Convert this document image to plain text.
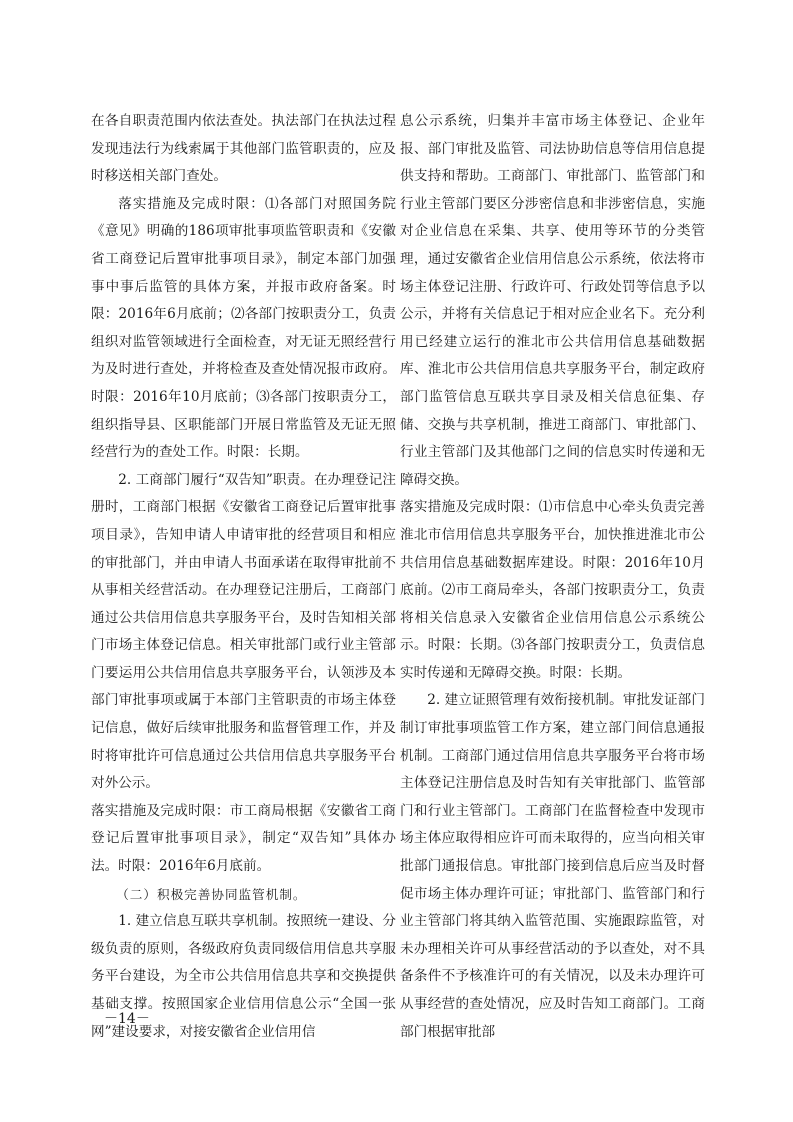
在各自职责范围内依法查处。执法部门在执法过程发现违法行为线索属于其他部门监管职责的，应及时移送相关部门查处。

落实措施及完成时限：⑴各部门对照国务院《意见》明确的186项审批事项监管职责和《安徽省工商登记后置审批事项目录》，制定本部门加强事中事后监管的具体方案，并报市政府备案。时限：2016年6月底前；⑵各部门按职责分工，负责组织对监管领域进行全面检查，对无证无照经营行为及时进行查处，并将检查及查处情况报市政府。时限：2016年10月底前；⑶各部门按职责分工，组织指导县、区职能部门开展日常监管及无证无照经营行为的查处工作。时限：长期。

2. 工商部门履行“双告知”职责。在办理登记注册时，工商部门根据《安徽省工商登记后置审批事项目录》，告知申请人申请审批的经营项目和相应的审批部门，并由申请人书面承诺在取得审批前不从事相关经营活动。在办理登记注册后，工商部门通过公共信用信息共享服务平台，及时告知相关部门市场主体登记信息。相关审批部门或行业主管部门要运用公共信用信息共享服务平台，认领涉及本部门审批事项或属于本部门主管职责的市场主体登记信息，做好后续审批服务和监督管理工作，并及时将审批许可信息通过公共信用信息共享服务平台对外公示。

落实措施及完成时限：市工商局根据《安徽省工商登记后置审批事项目录》，制定“双告知”具体办法。时限：2016年6月底前。

（二）积极完善协同监管机制。

1. 建立信息互联共享机制。按照统一建设、分级负责的原则，各级政府负责同级信用信息共享服务平台建设，为全市公共信用信息共享和交换提供基础支撑。按照国家企业信用信息公示“全国一张网”建设要求，对接安徽省企业信用信

息公示系统，归集并丰富市场主体登记、企业年报、部门审批及监管、司法协助信息等信用信息提供支持和帮助。工商部门、审批部门、监管部门和行业主管部门要区分涉密信息和非涉密信息，实施对企业信息在采集、共享、使用等环节的分类管理，通过安徽省企业信用信息公示系统，依法将市场主体登记注册、行政许可、行政处罚等信息予以公示，并将有关信息记于相对应企业名下。充分利用已经建立运行的淮北市公共信用信息基础数据库、淮北市公共信用信息共享服务平台，制定政府部门监管信息互联共享目录及相关信息征集、存储、交换与共享机制，推进工商部门、审批部门、行业主管部门及其他部门之间的信息实时传递和无障碍交换。

落实措施及完成时限：⑴市信息中心牵头负责完善淮北市信用信息共享服务平台，加快推进淮北市公共信用信息基础数据库建设。时限：2016年10月底前。⑵市工商局牵头，各部门按职责分工，负责将相关信息录入安徽省企业信用信息公示系统公示。时限：长期。⑶各部门按职责分工，负责信息实时传递和无障碍交换。时限：长期。

2. 建立证照管理有效衔接机制。审批发证部门制订审批事项监管工作方案，建立部门间信息通报机制。工商部门通过信用信息共享服务平台将市场主体登记注册信息及时告知有关审批部门、监管部门和行业主管部门。工商部门在监督检查中发现市场主体应取得相应许可而未取得的，应当向相关审批部门通报信息。审批部门接到信息后应当及时督促市场主体办理许可证；审批部门、监管部门和行业主管部门将其纳入监管范围、实施跟踪监管，对未办理相关许可从事经营活动的予以查处，对不具备条件不予核准许可的有关情况，以及未办理许可从事经营的查处情况，应及时告知工商部门。工商部门根据审批部

－14－
